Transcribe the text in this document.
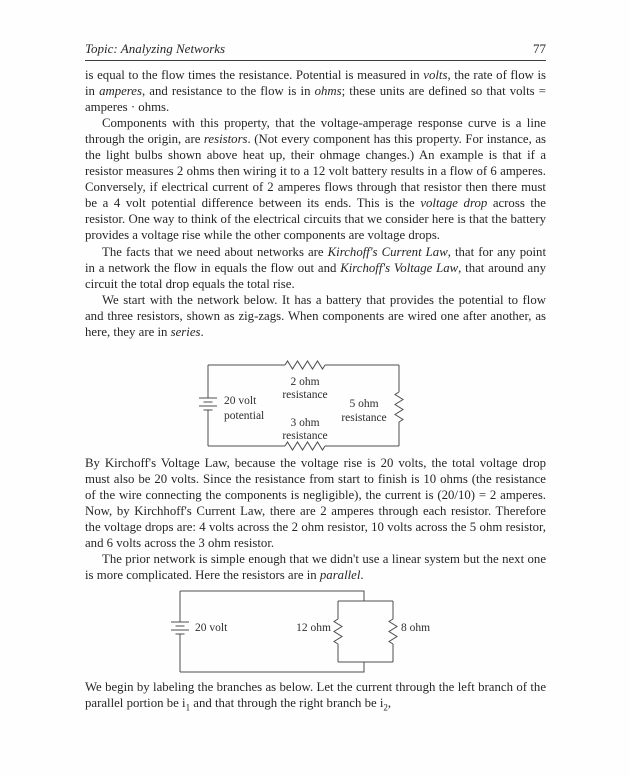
Topic: Analyzing Networks	77

is equal to the flow times the resistance. Potential is measured in volts, the rate of flow is in amperes, and resistance to the flow is in ohms; these units are defined so that volts = amperes · ohms.

Components with this property, that the voltage-amperage response curve is a line through the origin, are resistors. (Not every component has this property. For instance, as the light bulbs shown above heat up, their ohmage changes.) An example is that if a resistor measures 2 ohms then wiring it to a 12 volt battery results in a flow of 6 amperes. Conversely, if electrical current of 2 amperes flows through that resistor then there must be a 4 volt potential difference between its ends. This is the voltage drop across the resistor. One way to think of the electrical circuits that we consider here is that the battery provides a voltage rise while the other components are voltage drops.

The facts that we need about networks are Kirchoff's Current Law, that for any point in a network the flow in equals the flow out and Kirchoff's Voltage Law, that around any circuit the total drop equals the total rise.

We start with the network below. It has a battery that provides the potential to flow and three resistors, shown as zig-zags. When components are wired one after another, as here, they are in series.

By Kirchoff's Voltage Law, because the voltage rise is 20 volts, the total voltage drop must also be 20 volts. Since the resistance from start to finish is 10 ohms (the resistance of the wire connecting the components is negligible), the current is (20/10) = 2 amperes. Now, by Kirchhoff's Current Law, there are 2 amperes through each resistor. Therefore the voltage drops are: 4 volts across the 2 ohm resistor, 10 volts across the 5 ohm resistor, and 6 volts across the 3 ohm resistor.

The prior network is simple enough that we didn't use a linear system but the next one is more complicated. Here the resistors are in parallel.

We begin by labeling the branches as below. Let the current through the left branch of the parallel portion be $i_1$ and that through the right branch be $i_2$,

20 volt
potential
2 ohm
resistance
3 ohm
resistance
5 ohm
resistance
20 volt	12 ohm	8 ohm
